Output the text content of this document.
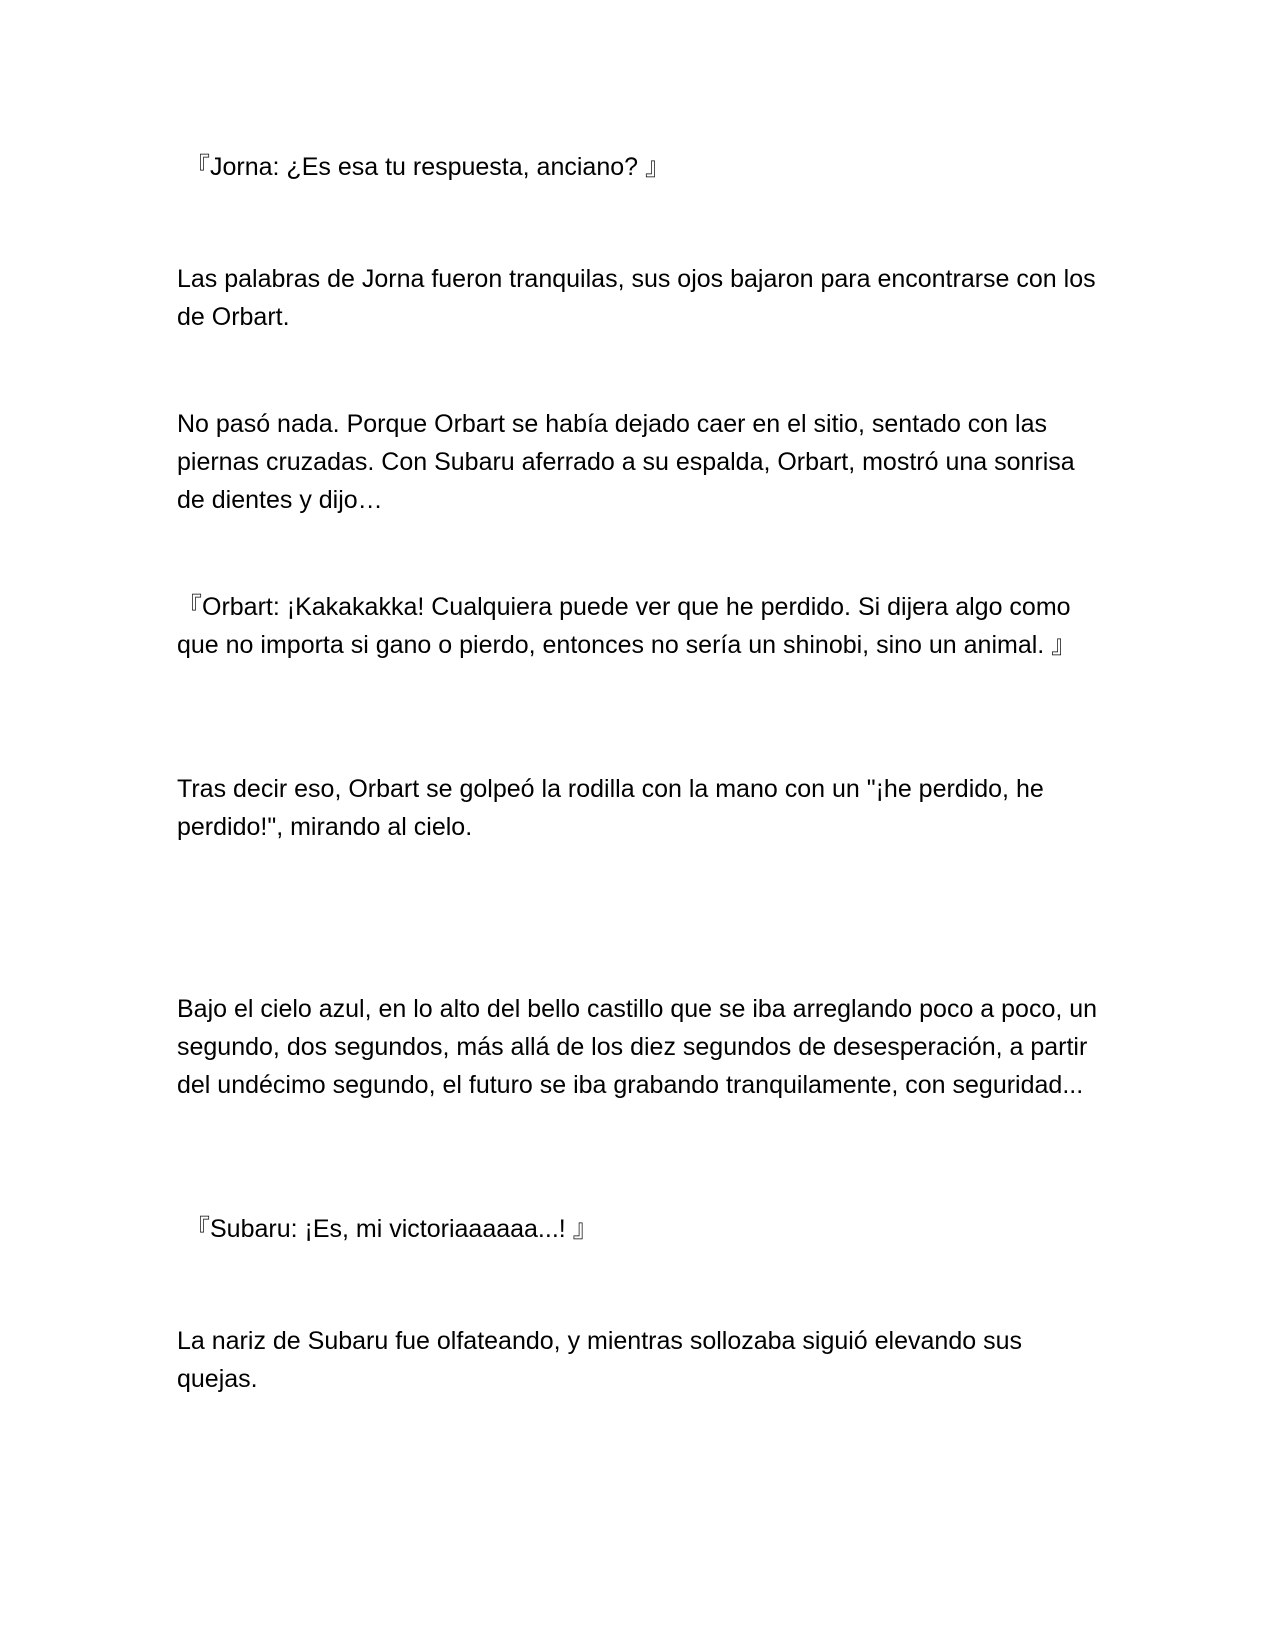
『Jorna: ¿Es esa tu respuesta, anciano? 』

Las palabras de Jorna fueron tranquilas, sus ojos bajaron para encontrarse con los de Orbart.

No pasó nada. Porque Orbart se había dejado caer en el sitio, sentado con las piernas cruzadas. Con Subaru aferrado a su espalda, Orbart, mostró una sonrisa de dientes y dijo…

『Orbart: ¡Kakakakka! Cualquiera puede ver que he perdido. Si dijera algo como que no importa si gano o pierdo, entonces no sería un shinobi, sino un animal. 』

Tras decir eso, Orbart se golpeó la rodilla con la mano con un "¡he perdido, he perdido!", mirando al cielo.

Bajo el cielo azul, en lo alto del bello castillo que se iba arreglando poco a poco, un segundo, dos segundos, más allá de los diez segundos de desesperación, a partir del undécimo segundo, el futuro se iba grabando tranquilamente, con seguridad...

『Subaru: ¡Es, mi victoriaaaaaa...! 』

La nariz de Subaru fue olfateando, y mientras sollozaba siguió elevando sus quejas.
